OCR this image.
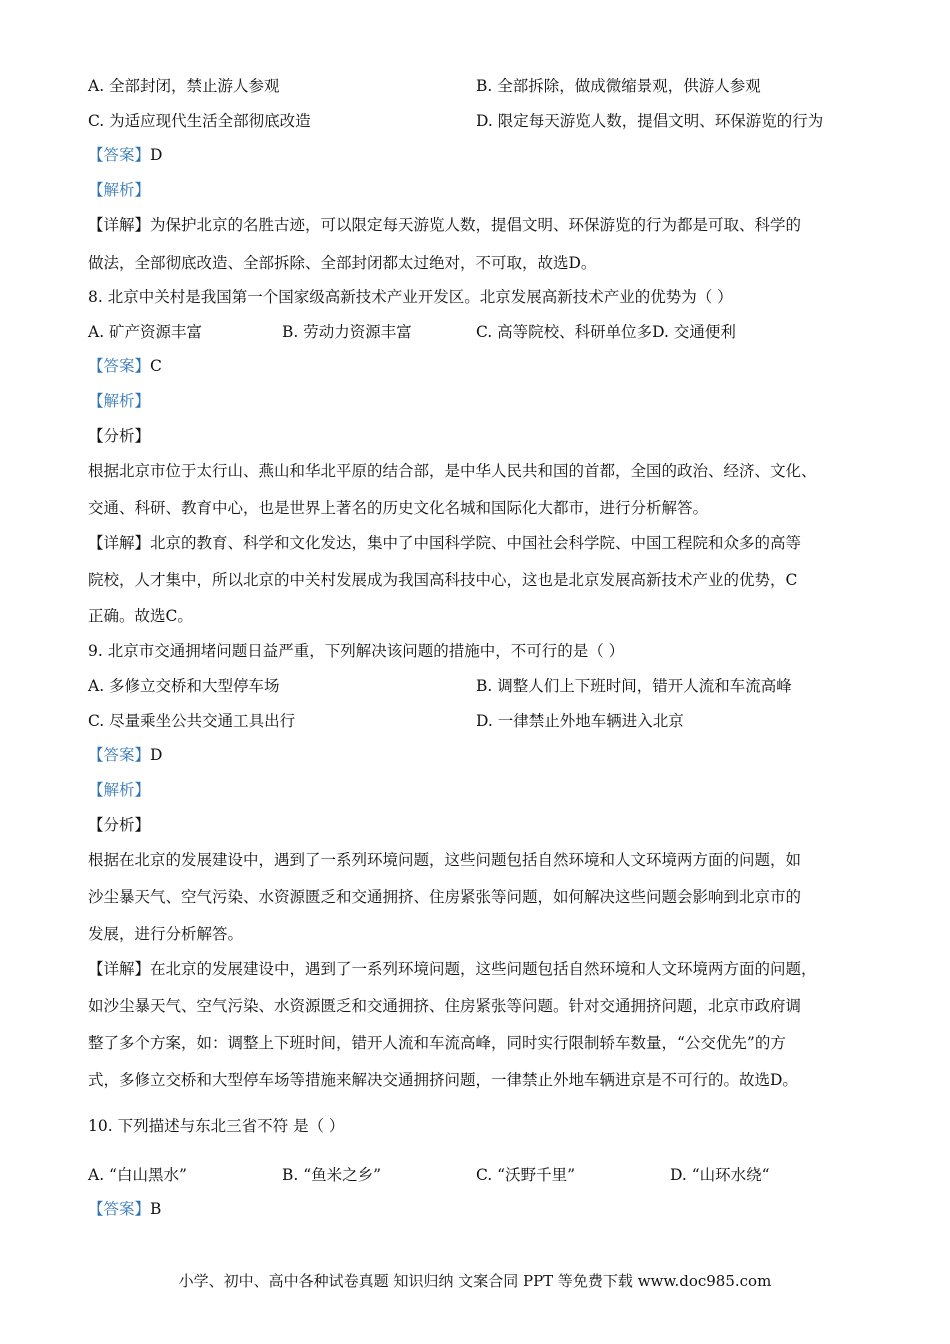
A. 全部封闭，禁止游人参观	B. 全部拆除，做成微缩景观，供游人参观
C. 为适应现代生活全部彻底改造	D. 限定每天游览人数，提倡文明、环保游览的行为
【答案】D
【解析】
【详解】为保护北京的名胜古迹，可以限定每天游览人数，提倡文明、环保游览的行为都是可取、科学的
做法，全部彻底改造、全部拆除、全部封闭都太过绝对，不可取，故选D。
8. 北京中关村是我国第一个国家级高新技术产业开发区。北京发展高新技术产业的优势为（ ）
A. 矿产资源丰富	B. 劳动力资源丰富	C. 高等院校、科研单位多D. 交通便利
【答案】C
【解析】
【分析】
根据北京市位于太行山、燕山和华北平原的结合部，是中华人民共和国的首都，全国的政治、经济、文化、
交通、科研、教育中心，也是世界上著名的历史文化名城和国际化大都市，进行分析解答。
【详解】北京的教育、科学和文化发达，集中了中国科学院、中国社会科学院、中国工程院和众多的高等
院校，人才集中，所以北京的中关村发展成为我国高科技中心，这也是北京发展高新技术产业的优势，C
正确。故选C。
9. 北京市交通拥堵问题日益严重，下列解决该问题的措施中，不可行的是（ ）
A. 多修立交桥和大型停车场	B. 调整人们上下班时间，错开人流和车流高峰
C. 尽量乘坐公共交通工具出行	D. 一律禁止外地车辆进入北京
【答案】D
【解析】
【分析】
根据在北京的发展建设中，遇到了一系列环境问题，这些问题包括自然环境和人文环境两方面的问题，如
沙尘暴天气、空气污染、水资源匮乏和交通拥挤、住房紧张等问题，如何解决这些问题会影响到北京市的
发展，进行分析解答。
【详解】在北京的发展建设中，遇到了一系列环境问题，这些问题包括自然环境和人文环境两方面的问题，
如沙尘暴天气、空气污染、水资源匮乏和交通拥挤、住房紧张等问题。针对交通拥挤问题，北京市政府调
整了多个方案，如：调整上下班时间，错开人流和车流高峰，同时实行限制轿车数量，“公交优先”的方
式，多修立交桥和大型停车场等措施来解决交通拥挤问题，一律禁止外地车辆进京是不可行的。故选D。
10. 下列描述与东北三省不符 是（ ）
A. “白山黑水”	B. “鱼米之乡”	C. “沃野千里”	D. “山环水绕“
【答案】B
小学、初中、高中各种试卷真题 知识归纳 文案合同 PPT 等免费下载 www.doc985.com
